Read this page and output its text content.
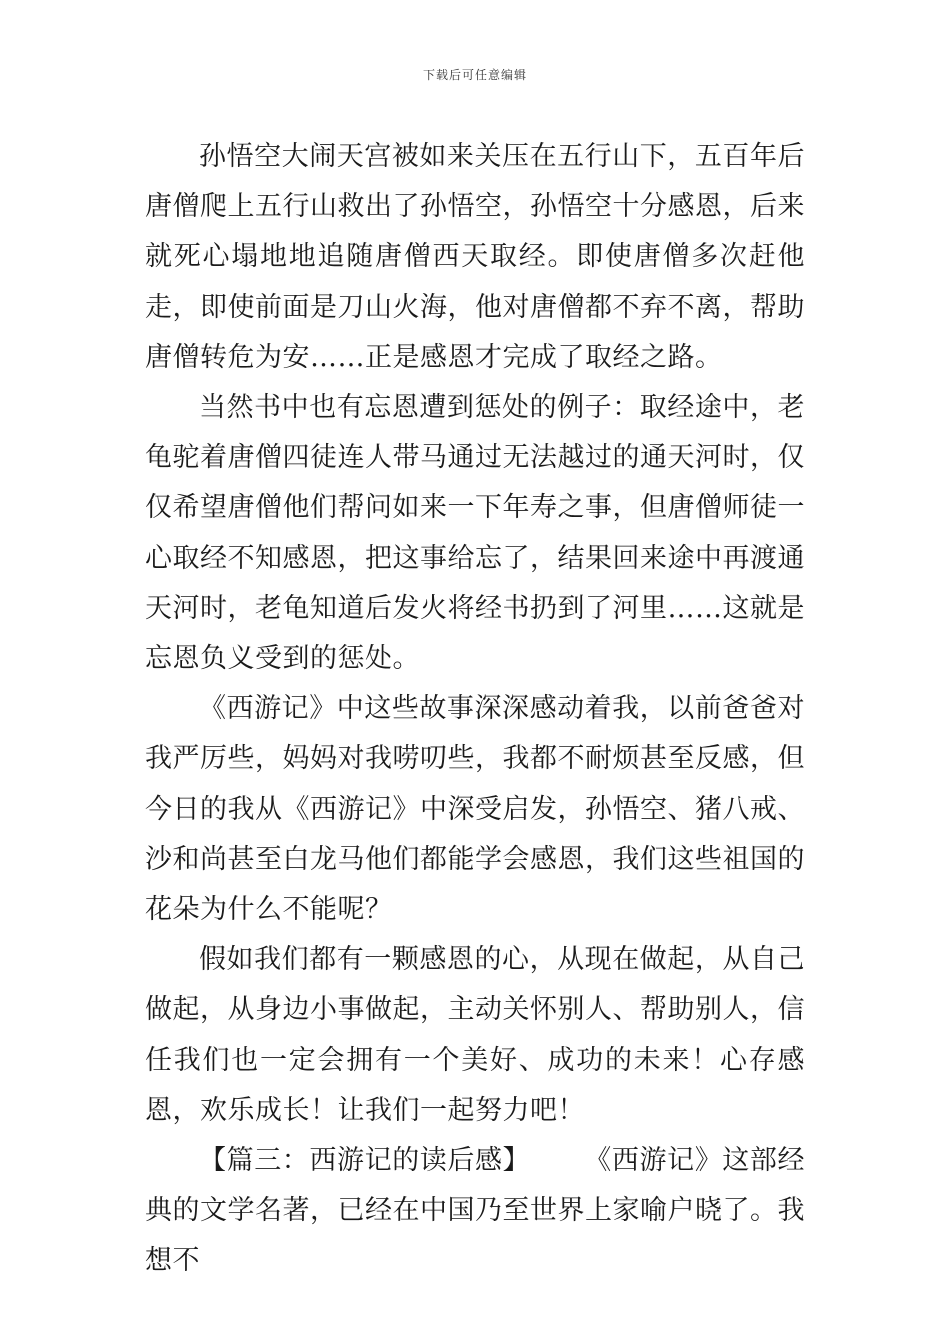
下载后可任意编辑

孙悟空大闹天宫被如来关压在五行山下，五百年后唐僧爬上五行山救出了孙悟空，孙悟空十分感恩，后来就死心塌地地追随唐僧西天取经。即使唐僧多次赶他走，即使前面是刀山火海，他对唐僧都不弃不离，帮助唐僧转危为安……正是感恩才完成了取经之路。

当然书中也有忘恩遭到惩处的例子：取经途中，老龟驼着唐僧四徒连人带马通过无法越过的通天河时，仅仅希望唐僧他们帮问如来一下年寿之事，但唐僧师徒一心取经不知感恩，把这事给忘了，结果回来途中再渡通天河时，老龟知道后发火将经书扔到了河里……这就是忘恩负义受到的惩处。

《西游记》中这些故事深深感动着我，以前爸爸对我严厉些，妈妈对我唠叨些，我都不耐烦甚至反感，但今日的我从《西游记》中深受启发，孙悟空、猪八戒、沙和尚甚至白龙马他们都能学会感恩，我们这些祖国的花朵为什么不能呢？

假如我们都有一颗感恩的心，从现在做起，从自己做起，从身边小事做起，主动关怀别人、帮助别人，信任我们也一定会拥有一个美好、成功的未来！心存感恩，欢乐成长！让我们一起努力吧！

【篇三：西游记的读后感】 《西游记》这部经典的文学名著，已经在中国乃至世界上家喻户晓了。我想不
